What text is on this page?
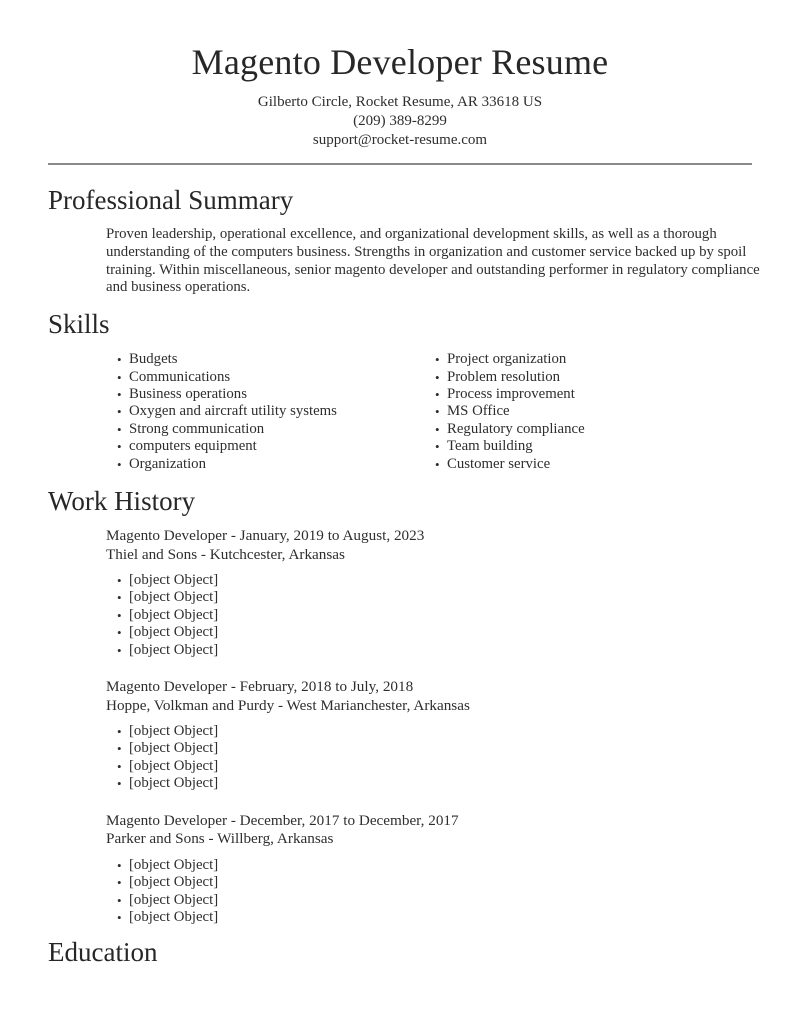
Magento Developer Resume
Gilberto Circle, Rocket Resume, AR 33618 US
(209) 389-8299
support@rocket-resume.com
Professional Summary

Proven leadership, operational excellence, and organizational development skills, as well as a thorough understanding of the computers business. Strengths in organization and customer service backed up by spoil training. Within miscellaneous, senior magento developer and outstanding performer in regulatory compliance and business operations.

Skills
• Budgets
• Communications
• Business operations
• Oxygen and aircraft utility systems
• Strong communication
• computers equipment
• Organization
• Project organization
• Problem resolution
• Process improvement
• MS Office
• Regulatory compliance
• Team building
• Customer service
Work History
Magento Developer - January, 2019 to August, 2023
Thiel and Sons - Kutchcester, Arkansas
• [object Object]
• [object Object]
• [object Object]
• [object Object]
• [object Object]
Magento Developer - February, 2018 to July, 2018
Hoppe, Volkman and Purdy - West Marianchester, Arkansas
• [object Object]
• [object Object]
• [object Object]
• [object Object]
Magento Developer - December, 2017 to December, 2017
Parker and Sons - Willberg, Arkansas
• [object Object]
• [object Object]
• [object Object]
• [object Object]
Education
